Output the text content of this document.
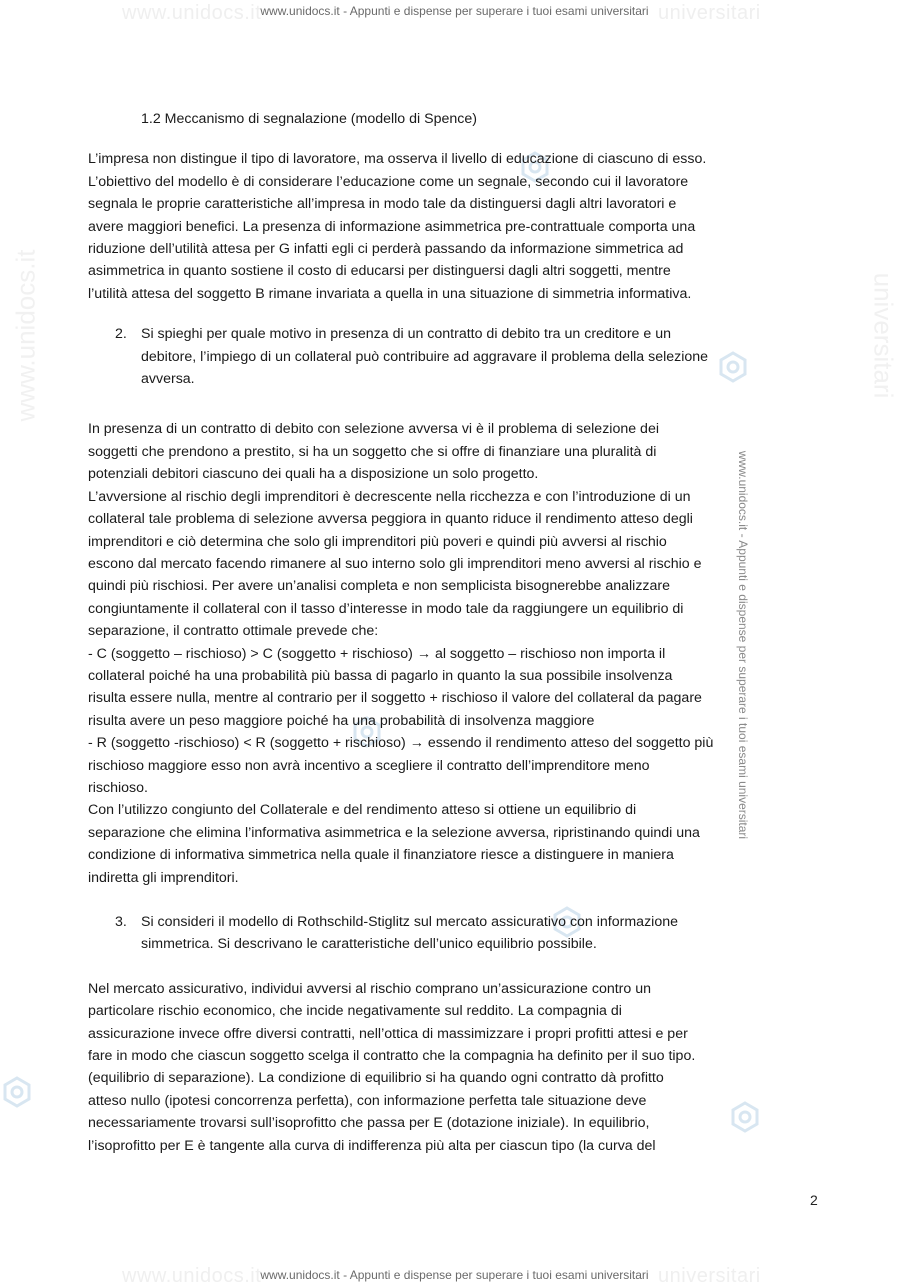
www.unidocs.it	universitari
www.unidocs.it	universitari
www.unidocs.it - Appunti e dispense per superare i tuoi esami universitari
www.unidocs.it - Appunti e dispense per superare i tuoi esami universitari
www.unidocs.it	universitari
www.unidocs.it - Appunti e dispense per superare i tuoi esami universitari

1.2 Meccanismo di segnalazione (modello di Spence)

L’impresa non distingue il tipo di lavoratore, ma osserva il livello di educazione di ciascuno di esso.
L’obiettivo del modello è di considerare l’educazione come un segnale, secondo cui il lavoratore
segnala le proprie caratteristiche all’impresa in modo tale da distinguersi dagli altri lavoratori e
avere maggiori benefici. La presenza di informazione asimmetrica pre-contrattuale comporta una
riduzione dell’utilità attesa per G infatti egli ci perderà passando da informazione simmetrica ad
asimmetrica in quanto sostiene il costo di educarsi per distinguersi dagli altri soggetti, mentre
l’utilità attesa del soggetto B rimane invariata a quella in una situazione di simmetria informativa.

2. Si spieghi per quale motivo in presenza di un contratto di debito tra un creditore e un
debitore, l’impiego di un collateral può contribuire ad aggravare il problema della selezione
avversa.

In presenza di un contratto di debito con selezione avversa vi è il problema di selezione dei
soggetti che prendono a prestito, si ha un soggetto che si offre di finanziare una pluralità di
potenziali debitori ciascuno dei quali ha a disposizione un solo progetto.
L’avversione al rischio degli imprenditori è decrescente nella ricchezza e con l’introduzione di un
collateral tale problema di selezione avversa peggiora in quanto riduce il rendimento atteso degli
imprenditori e ciò determina che solo gli imprenditori più poveri e quindi più avversi al rischio
escono dal mercato facendo rimanere al suo interno solo gli imprenditori meno avversi al rischio e
quindi più rischiosi. Per avere un’analisi completa e non semplicista bisognerebbe analizzare
congiuntamente il collateral con il tasso d’interesse in modo tale da raggiungere un equilibrio di
separazione, il contratto ottimale prevede che:
- C (soggetto – rischioso) > C (soggetto + rischioso) → al soggetto – rischioso non importa il
collateral poiché ha una probabilità più bassa di pagarlo in quanto la sua possibile insolvenza
risulta essere nulla, mentre al contrario per il soggetto + rischioso il valore del collateral da pagare
risulta avere un peso maggiore poiché ha una probabilità di insolvenza maggiore
- R (soggetto -rischioso) < R (soggetto + rischioso) → essendo il rendimento atteso del soggetto più
rischioso maggiore esso non avrà incentivo a scegliere il contratto dell’imprenditore meno
rischioso.
Con l’utilizzo congiunto del Collaterale e del rendimento atteso si ottiene un equilibrio di
separazione che elimina l’informativa asimmetrica e la selezione avversa, ripristinando quindi una
condizione di informativa simmetrica nella quale il finanziatore riesce a distinguere in maniera
indiretta gli imprenditori.

3. Si consideri il modello di Rothschild-Stiglitz sul mercato assicurativo con informazione
simmetrica. Si descrivano le caratteristiche dell’unico equilibrio possibile.

Nel mercato assicurativo, individui avversi al rischio comprano un’assicurazione contro un
particolare rischio economico, che incide negativamente sul reddito. La compagnia di
assicurazione invece offre diversi contratti, nell’ottica di massimizzare i propri profitti attesi e per
fare in modo che ciascun soggetto scelga il contratto che la compagnia ha definito per il suo tipo.
(equilibrio di separazione). La condizione di equilibrio si ha quando ogni contratto dà profitto
atteso nullo (ipotesi concorrenza perfetta), con informazione perfetta tale situazione deve
necessariamente trovarsi sull’isoprofitto che passa per E (dotazione iniziale). In equilibrio,
l’isoprofitto per E è tangente alla curva di indifferenza più alta per ciascun tipo (la curva del

2
